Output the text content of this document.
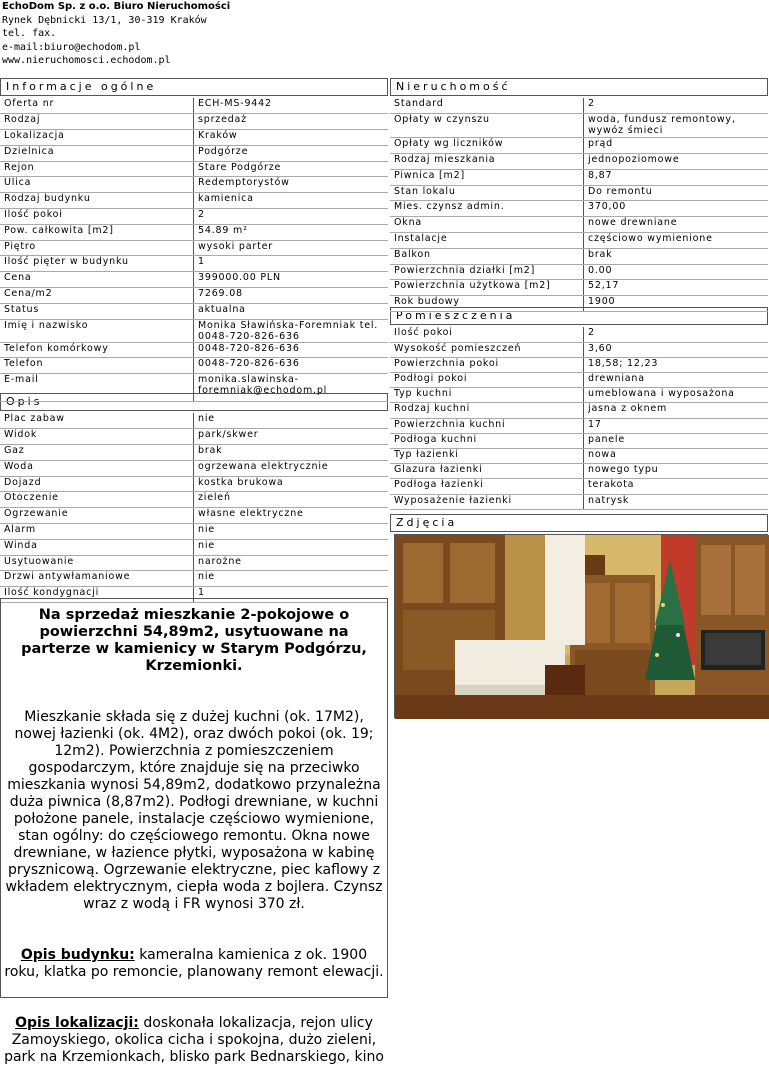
EchoDom Sp. z o.o. Biuro Nieruchomości
Rynek Dębnicki 13/1, 30-319 Kraków
tel. fax.
e-mail:biuro@echodom.pl
www.nieruchomosci.echodom.pl
Informacje ogólne	Nieruchomość
Opis
Pomieszczenia
Zdjęcia
Oferta nr	ECH-MS-9442
Rodzaj	sprzedaż
Lokalizacja	Kraków
Dzielnica	Podgórze
Rejon	Stare Podgórze
Ulica	Redemptorystów
Rodzaj budynku	kamienica
Ilość pokoi	2
Pow. całkowita [m2]	54.89 m²
Piętro	wysoki parter
Ilość pięter w budynku	1
Cena	399000.00 PLN
Cena/m2	7269.08
Status	aktualna
Imię i nazwisko	Monika Sławińska-Foremniak tel. 0048-720-826-636
Telefon komórkowy	0048-720-826-636
Telefon	0048-720-826-636
E-mail	monika.slawinska-foremniak@echodom.pl
Plac zabaw	nie
Widok	park/skwer
Gaz	brak
Woda	ogrzewana elektrycznie
Dojazd	kostka brukowa
Otoczenie	zieleń
Ogrzewanie	własne elektryczne
Alarm	nie
Winda	nie
Usytuowanie	narożne
Drzwi antywłamaniowe	nie
Ilość kondygnacji	1
Standard	2
Opłaty w czynszu	woda, fundusz remontowy, wywóz śmieci
Opłaty wg liczników	prąd
Rodzaj mieszkania	jednopoziomowe
Piwnica [m2]	8,87
Stan lokalu	Do remontu
Mies. czynsz admin.	370,00
Okna	nowe drewniane
Instalacje	częściowo wymienione
Balkon	brak
Powierzchnia działki [m2]	0.00
Powierzchnia użytkowa [m2]	52,17
Rok budowy	1900
Ilość pokoi	2
Wysokość pomieszczeń	3,60
Powierzchnia pokoi	18,58; 12,23
Podłogi pokoi	drewniana
Typ kuchni	umeblowana i wyposażona
Rodzaj kuchni	jasna z oknem
Powierzchnia kuchni	17
Podłoga kuchni	panele
Typ łazienki	nowa
Glazura łazienki	nowego typu
Podłoga łazienki	terakota
Wyposażenie łazienki	natrysk
Na sprzedaż mieszkanie 2-pokojowe o powierzchni 54,89m2, usytuowane na parterze w kamienicy w Starym Podgórzu, Krzemionki.

Mieszkanie składa się z dużej kuchni (ok. 17M2), nowej łazienki (ok. 4M2), oraz dwóch pokoi (ok. 19; 12m2). Powierzchnia z pomieszczeniem gospodarczym, które znajduje się na przeciwko mieszkania wynosi 54,89m2, dodatkowo przynależna duża piwnica (8,87m2). Podłogi drewniane, w kuchni położone panele, instalacje częściowo wymienione, stan ogólny: do częściowego remontu. Okna nowe drewniane, w łazience płytki, wyposażona w kabinę prysznicową. Ogrzewanie elektryczne, piec kaflowy z wkładem elektrycznym, ciepła woda z bojlera. Czynsz wraz z wodą i FR wynosi 370 zł.

Opis budynku: kameralna kamienica z ok. 1900 roku, klatka po remoncie, planowany remont elewacji.

Opis lokalizacji: doskonała lokalizacja, rejon ulicy Zamoyskiego, okolica cicha i spokojna, dużo zieleni, park na Krzemionkach, blisko park Bednarskiego, kino
